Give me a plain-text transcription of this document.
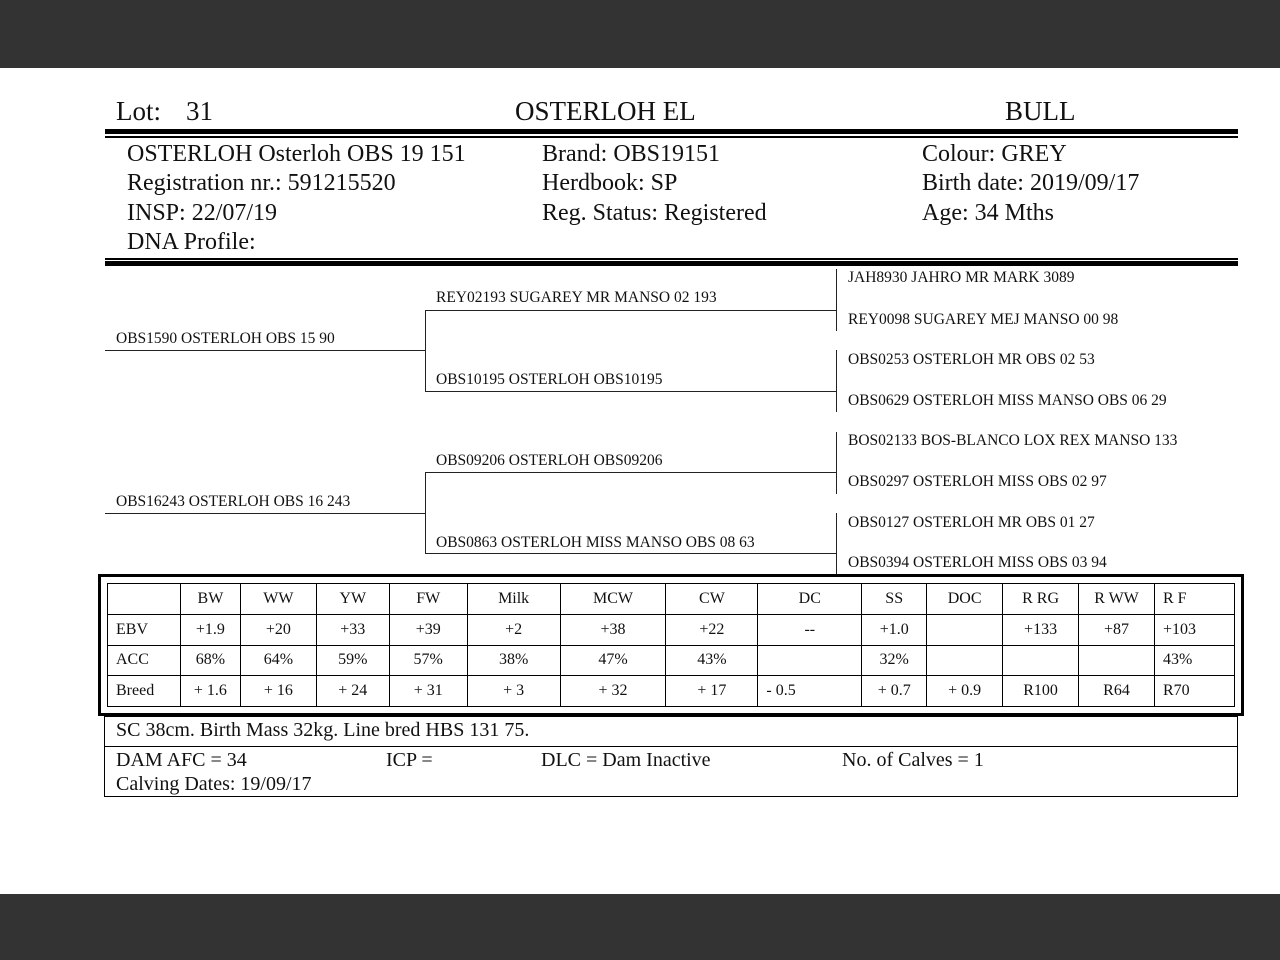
Lot: 31	OSTERLOH EL	BULL
OSTERLOH Osterloh OBS 19 151
Registration nr.: 591215520
INSP: 22/07/19
DNA Profile:
Brand: OBS19151
Herdbook: SP
Reg. Status: Registered
Colour: GREY
Birth date: 2019/09/17
Age: 34 Mths
OBS1590 OSTERLOH OBS 15 90
OBS16243 OSTERLOH OBS 16 243
REY02193 SUGAREY MR MANSO 02 193
OBS10195 OSTERLOH OBS10195
OBS09206 OSTERLOH OBS09206
OBS0863 OSTERLOH MISS MANSO OBS 08 63
JAH8930 JAHRO MR MARK 3089
REY0098 SUGAREY MEJ MANSO 00 98
OBS0253 OSTERLOH MR OBS 02 53
OBS0629 OSTERLOH MISS MANSO OBS 06 29
BOS02133 BOS-BLANCO LOX REX MANSO 133
OBS0297 OSTERLOH MISS OBS 02 97
OBS0127 OSTERLOH MR OBS 01 27
OBS0394 OSTERLOH MISS OBS 03 94
	BW	WW	YW	FW	Milk	MCW	CW	DC	SS	DOC	R RG	R WW	R F
EBV	+1.9	+20	+33	+39	+2	+38	+22	--	+1.0		+133	+87	+103
ACC	68%	64%	59%	57%	38%	47%	43%		32%				43%
Breed	+ 1.6	+ 16	+ 24	+ 31	+ 3	+ 32	+ 17	- 0.5	+ 0.7	+ 0.9	R100	R64	R70
SC 38cm. Birth Mass 32kg. Line bred HBS 131 75.
DAM AFC = 34	ICP =	DLC = Dam Inactive	No. of Calves = 1
Calving Dates: 19/09/17
